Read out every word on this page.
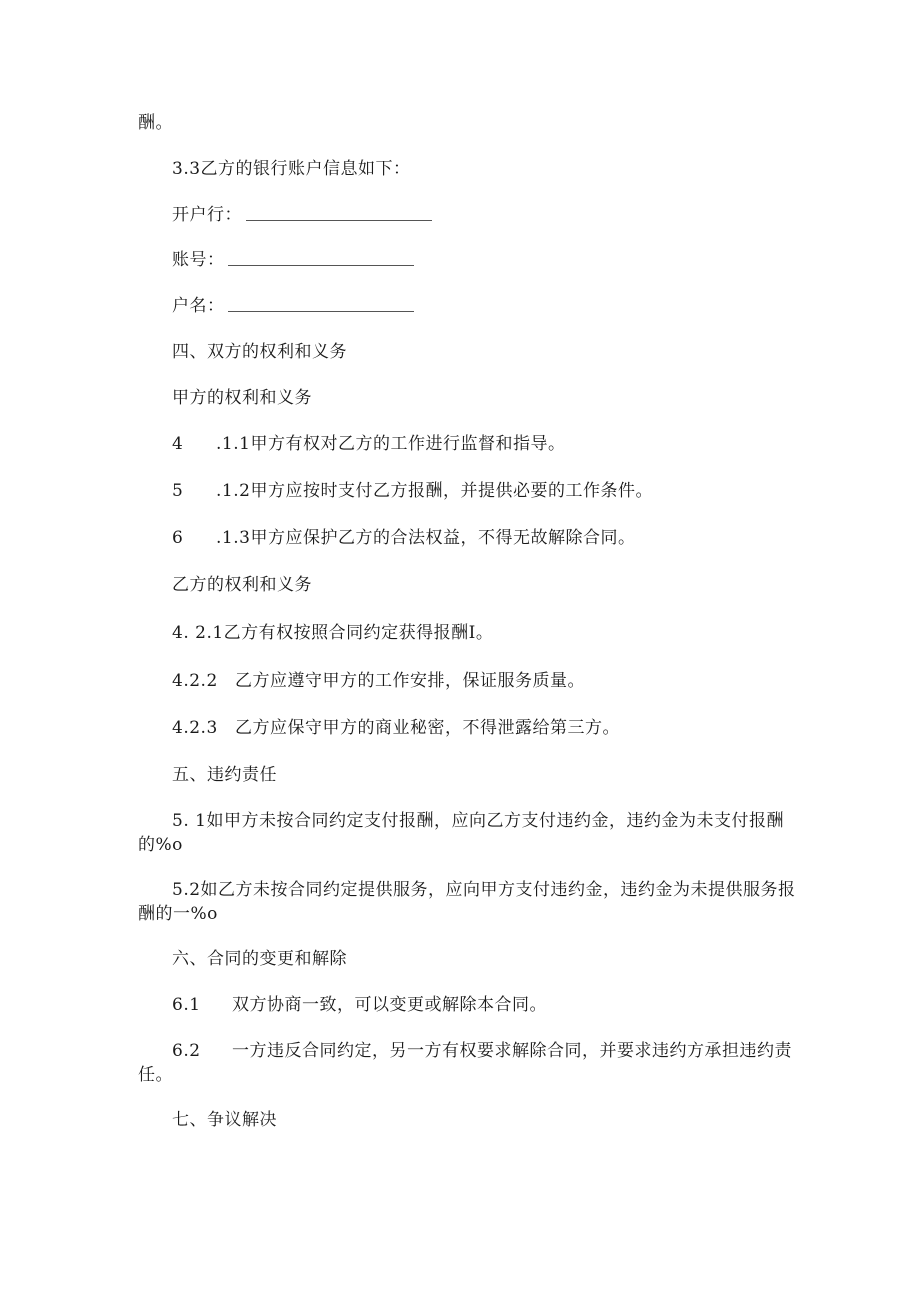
酬。
3.3乙方的银行账户信息如下：
开户行：
账号：
户名：
四、双方的权利和义务
甲方的权利和义务
4 .1.1甲方有权对乙方的工作进行监督和指导。
5 .1.2甲方应按时支付乙方报酬，并提供必要的工作条件。
6 .1.3甲方应保护乙方的合法权益，不得无故解除合同。
乙方的权利和义务
4. 2.1乙方有权按照合同约定获得报酬I。
4.2.2 乙方应遵守甲方的工作安排，保证服务质量。
4.2.3 乙方应保守甲方的商业秘密，不得泄露给第三方。
五、违约责任
5. 1如甲方未按合同约定支付报酬，应向乙方支付违约金，违约金为未支付报酬
的%o
5.2如乙方未按合同约定提供服务，应向甲方支付违约金，违约金为未提供服务报
酬的一%o
六、合同的变更和解除
6.1 双方协商一致，可以变更或解除本合同。
6.2 一方违反合同约定，另一方有权要求解除合同，并要求违约方承担违约责
任。
七、争议解决
